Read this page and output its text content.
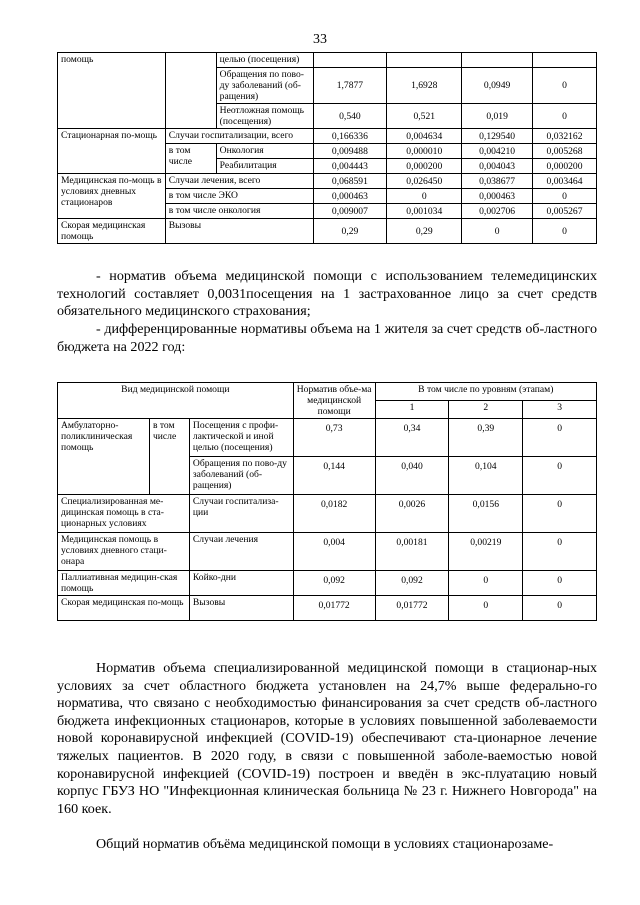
33
помощь		целью (посещения)				
		Обращения по пово-ду заболеваний (об-ращения)	1,7877	1,6928	0,0949	0
		Неотложная помощь (посещения)	0,540	0,521	0,019	0
Стационарная по-мощь	Случаи госпитализации, всего		0,166336	0,004634	0,129540	0,032162
	в том числе	Онкология	0,009488	0,000010	0,004210	0,005268
		Реабилитация	0,004443	0,000200	0,004043	0,000200
Медицинская по-мощь в условиях дневных стационаров	Случаи лечения, всего		0,068591	0,026450	0,038677	0,003464
	в том числе ЭКО		0,000463	0	0,000463	0
	в том числе онкология		0,009007	0,001034	0,002706	0,005267
Скорая медицинская помощь	Вызовы		0,29	0,29	0	0
- норматив объема медицинской помощи с использованием телемедицинских технологий составляет 0,0031посещения на 1 застрахованное лицо за счет средств обязательного медицинского страхования;
- дифференцированные нормативы объема на 1 жителя за счет средств об-ластного бюджета на 2022 год:
Вид медицинской помощи			Норматив объе-ма медицинской помощи	В том числе по уровням (этапам)		
				1	2	3
Амбулаторно-поликлиническая помощь	в том числе	Посещения с профи-лактической и иной целью (посещения)	0,73	0,34	0,39	0
		Обращения по пово-ду заболеваний (об-ращения)	0,144	0,040	0,104	0
Специализированная ме-дицинская помощь в ста-ционарных условиях		Случаи госпитализа-ции	0,0182	0,0026	0,0156	0
Медицинская помощь в условиях дневного стаци-онара		Случаи лечения	0,004	0,00181	0,00219	0
Паллиативная медицин-ская помощь		Койко-дни	0,092	0,092	0	0
Скорая медицинская по-мощь		Вызовы	0,01772	0,01772	0	0
Норматив объема специализированной медицинской помощи в стационар-ных условиях за счет областного бюджета установлен на 24,7% выше федерально-го норматива, что связано с необходимостью финансирования за счет средств об-ластного бюджета инфекционных стационаров, которые в условиях повышенной заболеваемости новой коронавирусной инфекцией (COVID-19) обеспечивают ста-ционарное лечение тяжелых пациентов. В 2020 году, в связи с повышенной заболе-ваемостью новой коронавирусной инфекцией (COVID-19) построен и введён в экс-плуатацию новый корпус ГБУЗ НО "Инфекционная клиническая больница № 23 г. Нижнего Новгорода" на 160 коек.
Общий норматив объёма медицинской помощи в условиях стационарозаме-
